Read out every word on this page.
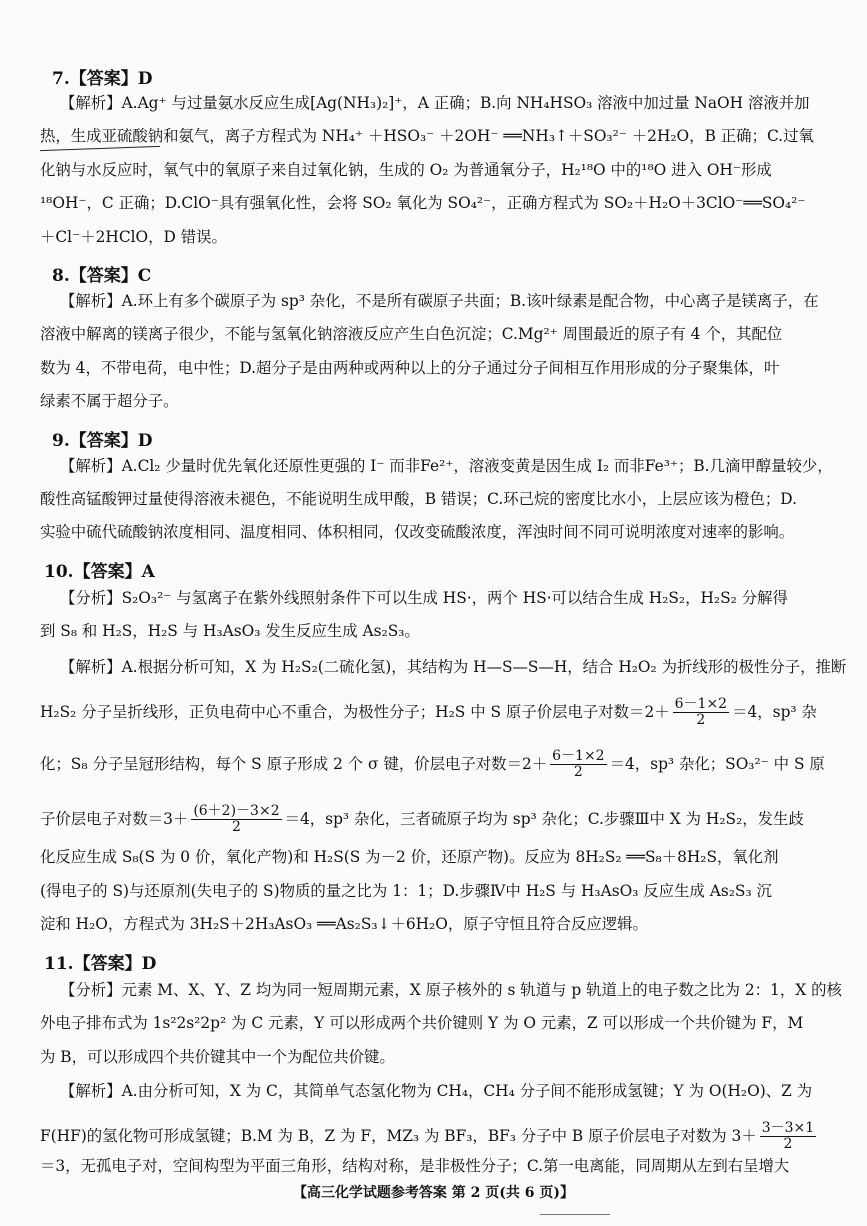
7.【答案】D
【解析】A.Ag⁺ 与过量氨水反应生成[Ag(NH₃)₂]⁺，A 正确；B.向 NH₄HSO₃ 溶液中加过量 NaOH 溶液并加
热，生成亚硫酸钠和氨气，离子方程式为 NH₄⁺ ＋HSO₃⁻ ＋2OH⁻ ══NH₃↑＋SO₃²⁻ ＋2H₂O，B 正确；C.过氧
化钠与水反应时，氧气中的氧原子来自过氧化钠，生成的 O₂ 为普通氧分子，H₂¹⁸O 中的¹⁸O 进入 OH⁻形成
¹⁸OH⁻，C 正确；D.ClO⁻具有强氧化性，会将 SO₂ 氧化为 SO₄²⁻，正确方程式为 SO₂＋H₂O＋3ClO⁻══SO₄²⁻
＋Cl⁻＋2HClO，D 错误。
8.【答案】C
【解析】A.环上有多个碳原子为 sp³ 杂化，不是所有碳原子共面；B.该叶绿素是配合物，中心离子是镁离子，在
溶液中解离的镁离子很少，不能与氢氧化钠溶液反应产生白色沉淀；C.Mg²⁺ 周围最近的原子有 4 个，其配位
数为 4，不带电荷，电中性；D.超分子是由两种或两种以上的分子通过分子间相互作用形成的分子聚集体，叶
绿素不属于超分子。
9.【答案】D
【解析】A.Cl₂ 少量时优先氧化还原性更强的 I⁻ 而非Fe²⁺，溶液变黄是因生成 I₂ 而非Fe³⁺；B.几滴甲醇量较少，
酸性高锰酸钾过量使得溶液未褪色，不能说明生成甲酸，B 错误；C.环己烷的密度比水小，上层应该为橙色；D.
实验中硫代硫酸钠浓度相同、温度相同、体积相同，仅改变硫酸浓度，浑浊时间不同可说明浓度对速率的影响。
10.【答案】A
【分析】S₂O₃²⁻ 与氢离子在紫外线照射条件下可以生成 HS·，两个 HS·可以结合生成 H₂S₂，H₂S₂ 分解得
到 S₈ 和 H₂S，H₂S 与 H₃AsO₃ 发生反应生成 As₂S₃。
【解析】A.根据分析可知，X 为 H₂S₂(二硫化氢)，其结构为 H—S—S—H，结合 H₂O₂ 为折线形的极性分子，推断
H₂S₂ 分子呈折线形，正负电荷中心不重合，为极性分子；H₂S 中 S 原子价层电子对数$=2+ \frac{6-1\times 2}{2} =4$，sp³ 杂
化；S₈ 分子呈冠形结构，每个 S 原子形成 2 个 σ 键，价层电子对数$=2+ \frac{6-1\times 2}{2} =4$，sp³ 杂化；SO₃²⁻ 中 S 原
子价层电子对数$=3+ \frac{(6+2)-3\times 2}{2} =4$，sp³ 杂化，三者硫原子均为 sp³ 杂化；C.步骤Ⅲ中 X 为 H₂S₂，发生歧
化反应生成 S₈(S 为 0 价，氧化产物)和 H₂S(S 为－2 价，还原产物)。反应为 8H₂S₂ ══S₈＋8H₂S，氧化剂
(得电子的 S)与还原剂(失电子的 S)物质的量之比为 1：1；D.步骤Ⅳ中 H₂S 与 H₃AsO₃ 反应生成 As₂S₃ 沉
淀和 H₂O，方程式为 3H₂S＋2H₃AsO₃ ══As₂S₃↓＋6H₂O，原子守恒且符合反应逻辑。
11.【答案】D
【分析】元素 M、X、Y、Z 均为同一短周期元素，X 原子核外的 s 轨道与 p 轨道上的电子数之比为 2：1，X 的核
外电子排布式为 1s²2s²2p² 为 C 元素，Y 可以形成两个共价键则 Y 为 O 元素，Z 可以形成一个共价键为 F，M
为 B，可以形成四个共价键其中一个为配位共价键。
【解析】A.由分析可知，X 为 C，其简单气态氢化物为 CH₄，CH₄ 分子间不能形成氢键；Y 为 O(H₂O)、Z 为
F(HF)的氢化物可形成氢键；B.M 为 B，Z 为 F，MZ₃ 为 BF₃，BF₃ 分子中 B 原子价层电子对数为 $3+ \frac{3-3\times 1}{2}$
＝3，无孤电子对，空间构型为平面三角形，结构对称，是非极性分子；C.第一电离能，同周期从左到右呈增大
【高三化学试题参考答案 第 2 页(共 6 页)】
